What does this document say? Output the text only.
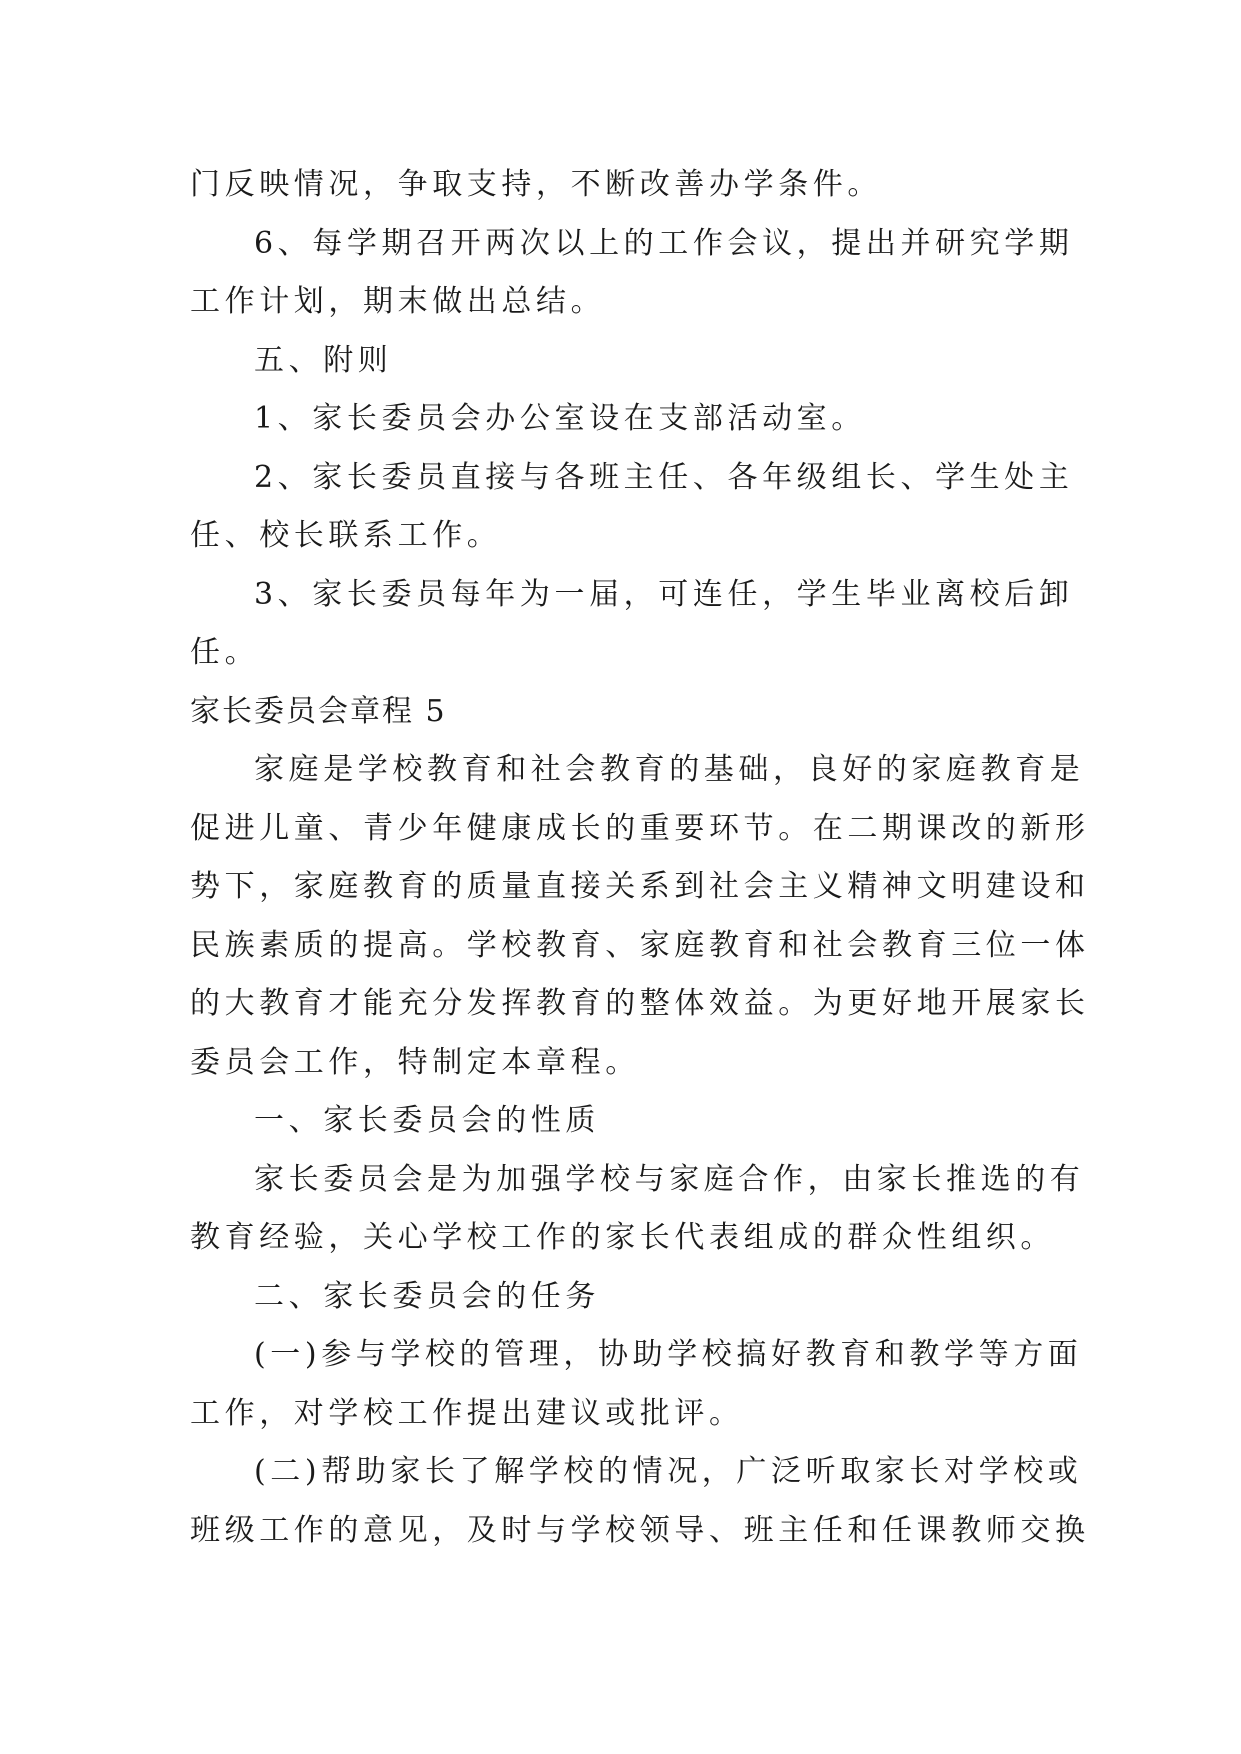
门反映情况，争取支持，不断改善办学条件。
6、每学期召开两次以上的工作会议，提出并研究学期
工作计划，期末做出总结。
五、附则
1、家长委员会办公室设在支部活动室。
2、家长委员直接与各班主任、各年级组长、学生处主
任、校长联系工作。
3、家长委员每年为一届，可连任，学生毕业离校后卸
任。
家长委员会章程 5
家庭是学校教育和社会教育的基础，良好的家庭教育是
促进儿童、青少年健康成长的重要环节。在二期课改的新形
势下，家庭教育的质量直接关系到社会主义精神文明建设和
民族素质的提高。学校教育、家庭教育和社会教育三位一体
的大教育才能充分发挥教育的整体效益。为更好地开展家长
委员会工作，特制定本章程。
一、家长委员会的性质
家长委员会是为加强学校与家庭合作，由家长推选的有
教育经验，关心学校工作的家长代表组成的群众性组织。
二、家长委员会的任务
(一)参与学校的管理，协助学校搞好教育和教学等方面
工作，对学校工作提出建议或批评。
(二)帮助家长了解学校的情况，广泛听取家长对学校或
班级工作的意见，及时与学校领导、班主任和任课教师交换
